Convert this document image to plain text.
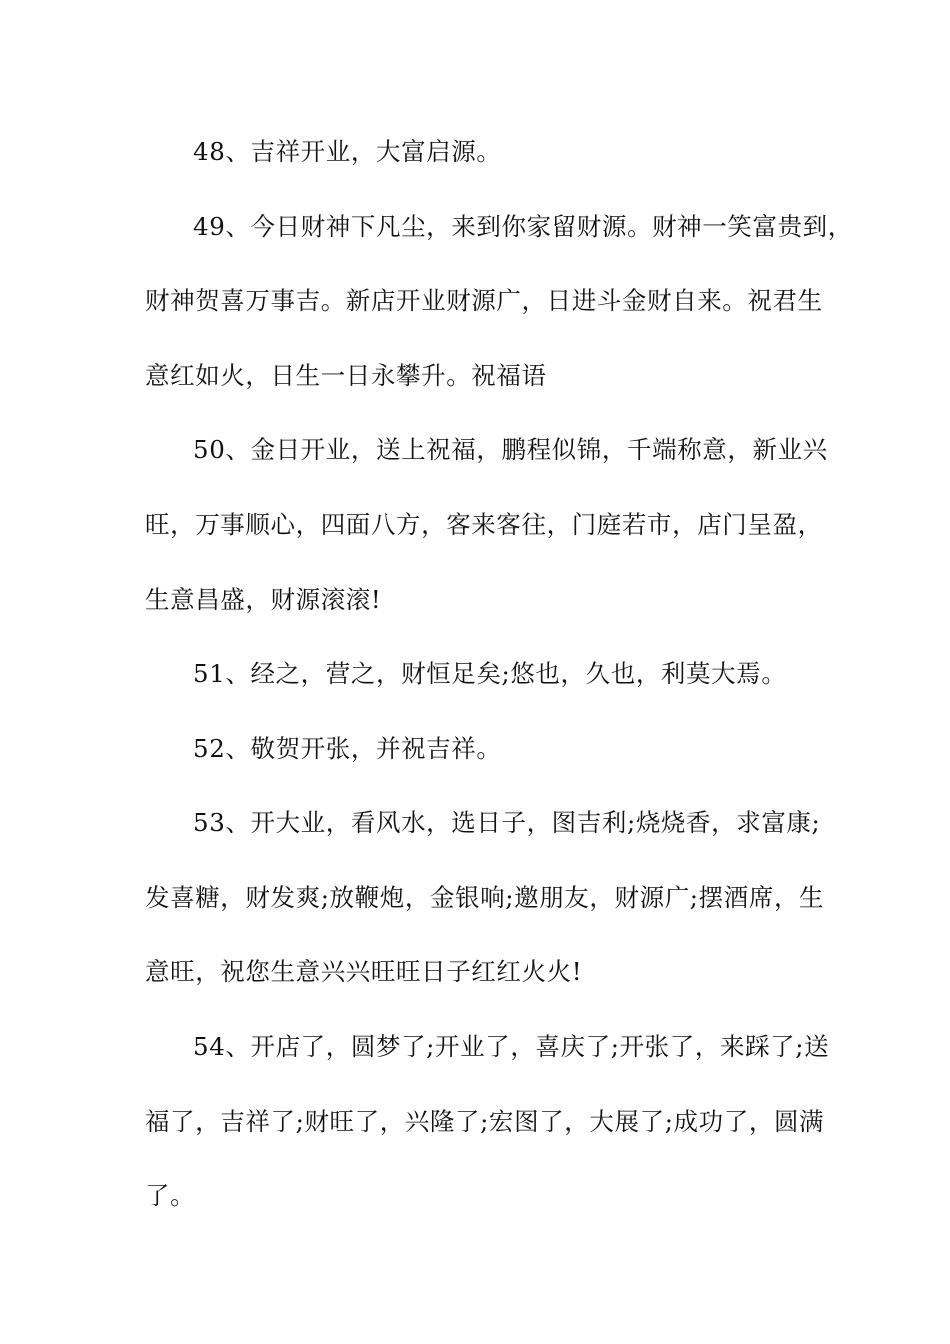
48、吉祥开业，大富启源。
49、今日财神下凡尘，来到你家留财源。财神一笑富贵到，
财神贺喜万事吉。新店开业财源广，日进斗金财自来。祝君生
意红如火，日生一日永攀升。祝福语
50、金日开业，送上祝福，鹏程似锦，千端称意，新业兴
旺，万事顺心，四面八方，客来客往，门庭若市，店门呈盈，
生意昌盛，财源滚滚!
51、经之，营之，财恒足矣;悠也，久也，利莫大焉。
52、敬贺开张，并祝吉祥。
53、开大业，看风水，选日子，图吉利;烧烧香，求富康;
发喜糖，财发爽;放鞭炮，金银响;邀朋友，财源广;摆酒席，生
意旺，祝您生意兴兴旺旺日子红红火火!
54、开店了，圆梦了;开业了，喜庆了;开张了，来踩了;送
福了，吉祥了;财旺了，兴隆了;宏图了，大展了;成功了，圆满
了。
